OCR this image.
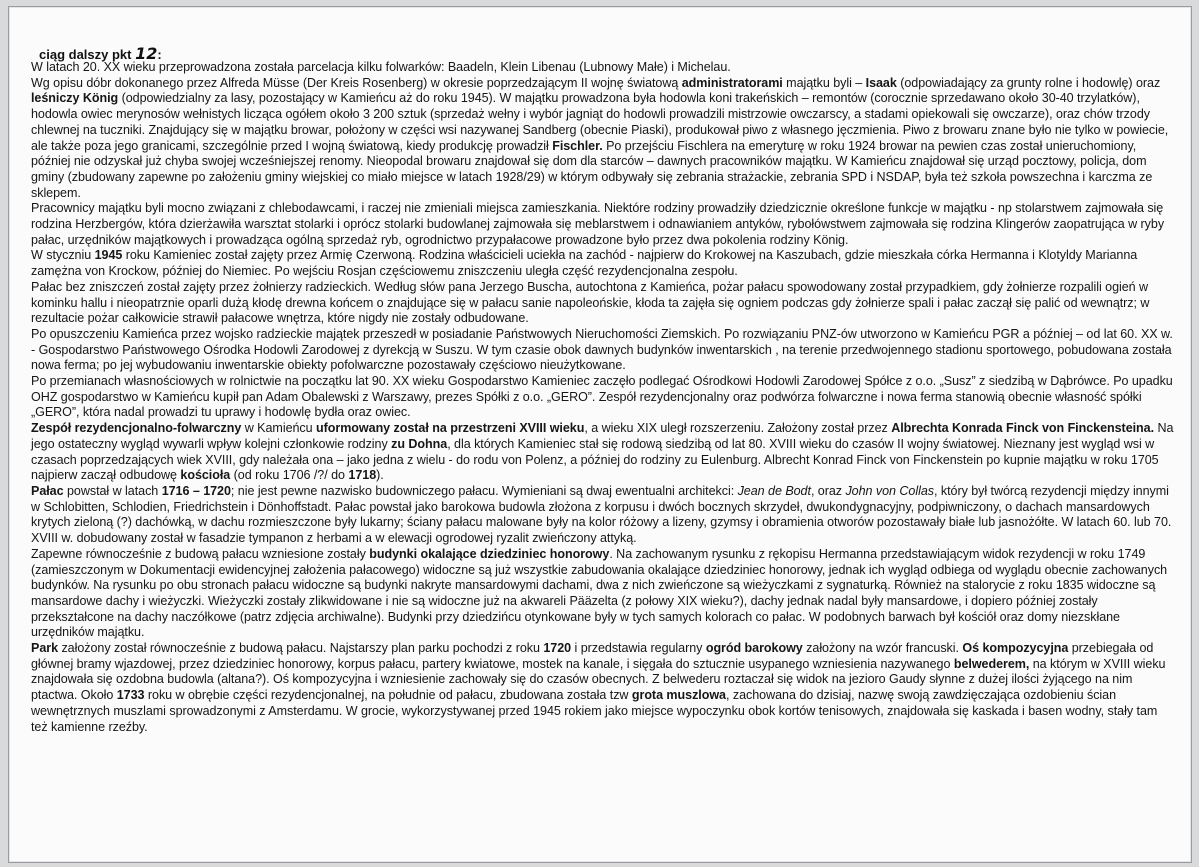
ciąg dalszy pkt 12:

W latach 20. XX wieku przeprowadzona została parcelacja kilku folwarków: Baadeln, Klein Libenau (Lubnowy Małe) i Michelau.

Wg opisu dóbr dokonanego przez Alfreda Müsse (Der Kreis Rosenberg) w okresie poprzedzającym II wojnę światową administratorami majątku byli – Isaak (odpowiadający za grunty rolne i hodowlę) oraz leśniczy König (odpowiedzialny za lasy, pozostający w Kamieńcu aż do roku 1945). W majątku prowadzona była hodowla koni trakeńskich – remontów (corocznie sprzedawano około 30-40 trzylatków), hodowla owiec merynosów wełnistych licząca ogółem około 3 200 sztuk (sprzedaż wełny i wybór jagniąt do hodowli prowadzili mistrzowie owczarscy, a stadami opiekowali się owczarze), oraz chów trzody chlewnej na tuczniki. Znajdujący się w majątku browar, położony w części wsi nazywanej Sandberg (obecnie Piaski), produkował piwo z własnego jęczmienia. Piwo z browaru znane było nie tylko w powiecie, ale także poza jego granicami, szczególnie przed I wojną światową, kiedy produkcję prowadził Fischler. Po przejściu Fischlera na emeryturę w roku 1924 browar na pewien czas został unieruchomiony, później nie odzyskał już chyba swojej wcześniejszej renomy. Nieopodal browaru znajdował się dom dla starców – dawnych pracowników majątku. W Kamieńcu znajdował się urząd pocztowy, policja, dom gminy (zbudowany zapewne po założeniu gminy wiejskiej co miało miejsce w latach 1928/29) w którym odbywały się zebrania strażackie, zebrania SPD i NSDAP, była też szkoła powszechna i karczma ze sklepem.

Pracownicy majątku byli mocno związani z chlebodawcami, i raczej nie zmieniali miejsca zamieszkania. Niektóre rodziny prowadziły dziedzicznie określone funkcje w majątku - np stolarstwem zajmowała się rodzina Herzbergów, która dzierżawiła warsztat stolarki i oprócz stolarki budowlanej zajmowała się meblarstwem i odnawianiem antyków, rybołówstwem zajmowała się rodzina Klingerów zaopatrująca w ryby pałac, urzędników majątkowych i prowadząca ogólną sprzedaż ryb, ogrodnictwo przypałacowe prowadzone było przez dwa pokolenia rodziny König.

W styczniu 1945 roku Kamieniec został zajęty przez Armię Czerwoną. Rodzina właścicieli uciekła na zachód - najpierw do Krokowej na Kaszubach, gdzie mieszkała córka Hermanna i Klotyldy Marianna zamężna von Krockow, później do Niemiec. Po wejściu Rosjan częściowemu zniszczeniu uległa część rezydencjonalna zespołu.

Pałac bez zniszczeń został zajęty przez żołnierzy radzieckich. Według słów pana Jerzego Buscha, autochtona z Kamieńca, pożar pałacu spowodowany został przypadkiem, gdy żołnierze rozpalili ogień w kominku hallu i nieopatrznie oparli dużą kłodę drewna końcem o znajdujące się w pałacu sanie napoleońskie, kłoda ta zajęła się ogniem podczas gdy żołnierze spali i pałac zaczął się palić od wewnątrz; w rezultacie pożar całkowicie strawił pałacowe wnętrza, które nigdy nie zostały odbudowane.

Po opuszczeniu Kamieńca przez wojsko radzieckie majątek przeszedł w posiadanie Państwowych Nieruchomości Ziemskich. Po rozwiązaniu PNZ-ów utworzono w Kamieńcu PGR a później – od lat 60. XX w. - Gospodarstwo Państwowego Ośrodka Hodowli Zarodowej z dyrekcją w Suszu. W tym czasie obok dawnych budynków inwentarskich , na terenie przedwojennego stadionu sportowego, pobudowana została nowa ferma; po jej wybudowaniu inwentarskie obiekty pofolwarczne pozostawały częściowo nieużytkowane.

Po przemianach własnościowych w rolnictwie na początku lat 90. XX wieku Gospodarstwo Kamieniec zaczęło podlegać Ośrodkowi Hodowli Zarodowej Spółce z o.o. „Susz” z siedzibą w Dąbrówce. Po upadku OHZ gospodarstwo w Kamieńcu kupił pan Adam Obalewski z Warszawy, prezes Spółki z o.o. „GERO”. Zespół rezydencjonalny oraz podwórza folwarczne i nowa ferma stanowią obecnie własność spółki „GERO”, która nadal prowadzi tu uprawy i hodowlę bydła oraz owiec.

Zespół rezydencjonalno-folwarczny w Kamieńcu uformowany został na przestrzeni XVIII wieku, a wieku XIX uległ rozszerzeniu. Założony został przez Albrechta Konrada Finck von Finckensteina. Na jego ostateczny wygląd wywarli wpływ kolejni członkowie rodziny zu Dohna, dla których Kamieniec stał się rodową siedzibą od lat 80. XVIII wieku do czasów II wojny światowej. Nieznany jest wygląd wsi w czasach poprzedzających wiek XVIII, gdy należała ona – jako jedna z wielu - do rodu von Polenz, a później do rodziny zu Eulenburg. Albrecht Konrad Finck von Finckenstein po kupnie majątku w roku 1705 najpierw zaczął odbudowę kościoła (od roku 1706 /?/ do 1718).

Pałac powstał w latach 1716 – 1720; nie jest pewne nazwisko budowniczego pałacu. Wymieniani są dwaj ewentualni architekci: Jean de Bodt, oraz John von Collas, który był twórcą rezydencji między innymi w Schlobitten, Schlodien, Friedrichstein i Dönhoffstadt. Pałac powstał jako barokowa budowla złożona z korpusu i dwóch bocznych skrzydeł, dwukondygnacyjny, podpiwniczony, o dachach mansardowych krytych zieloną (?) dachówką, w dachu rozmieszczone były lukarny; ściany pałacu malowane były na kolor różowy a lizeny, gzymsy i obramienia otworów pozostawały białe lub jasnożółte. W latach 60. lub 70. XVIII w. dobudowany został w fasadzie tympanon z herbami a w elewacji ogrodowej ryzalit zwieńczony attyką.

Zapewne równocześnie z budową pałacu wzniesione zostały budynki okalające dziedziniec honorowy. Na zachowanym rysunku z rękopisu Hermanna przedstawiającym widok rezydencji w roku 1749 (zamieszczonym w Dokumentacji ewidencyjnej założenia pałacowego) widoczne są już wszystkie zabudowania okalające dziedziniec honorowy, jednak ich wygląd odbiega od wyglądu obecnie zachowanych budynków. Na rysunku po obu stronach pałacu widoczne są budynki nakryte mansardowymi dachami, dwa z nich zwieńczone są wieżyczkami z sygnaturką. Również na staloryciе z roku 1835 widoczne są mansardowe dachy i wieżyczki. Wieżyczki zostały zlikwidowane i nie są widoczne już na akwareli Pääzelta (z połowy XIX wieku?), dachy jednak nadal były mansardowe, i dopiero później zostały przekształcone na dachy naczółkowe (patrz zdjęcia archiwalne). Budynki przy dziedzińcu otynkowane były w tych samych kolorach co pałac. W podobnych barwach był kościół oraz domy niezskłane urzędników majątku.

Park założony został równocześnie z budową pałacu. Najstarszy plan parku pochodzi z roku 1720 i przedstawia regularny ogród barokowy założony na wzór francuski. Oś kompozycyjna przebiegała od głównej bramy wjazdowej, przez dziedziniec honorowy, korpus pałacu, partery kwiatowe, mostek na kanale, i sięgała do sztucznie usypanego wzniesienia nazywanego belwederem, na którym w XVIII wieku znajdowała się ozdobna budowla (altana?). Oś kompozycyjna i wzniesienie zachowały się do czasów obecnych. Z belwederu roztaczał się widok na jezioro Gaudy słynne z dużej ilości żyjącego na nim ptactwa. Około 1733 roku w obrębie części rezydencjonalnej, na południe od pałacu, zbudowana została tzw grota muszlowa, zachowana do dzisiaj, nazwę swoją zawdzięczająca ozdobieniu ścian wewnętrznych muszlami sprowadzonymi z Amsterdamu. W grocie, wykorzystywanej przed 1945 rokiem jako miejsce wypoczynku obok kortów tenisowych, znajdowała się kaskada i basen wodny, stały tam też kamienne rzeźby.
